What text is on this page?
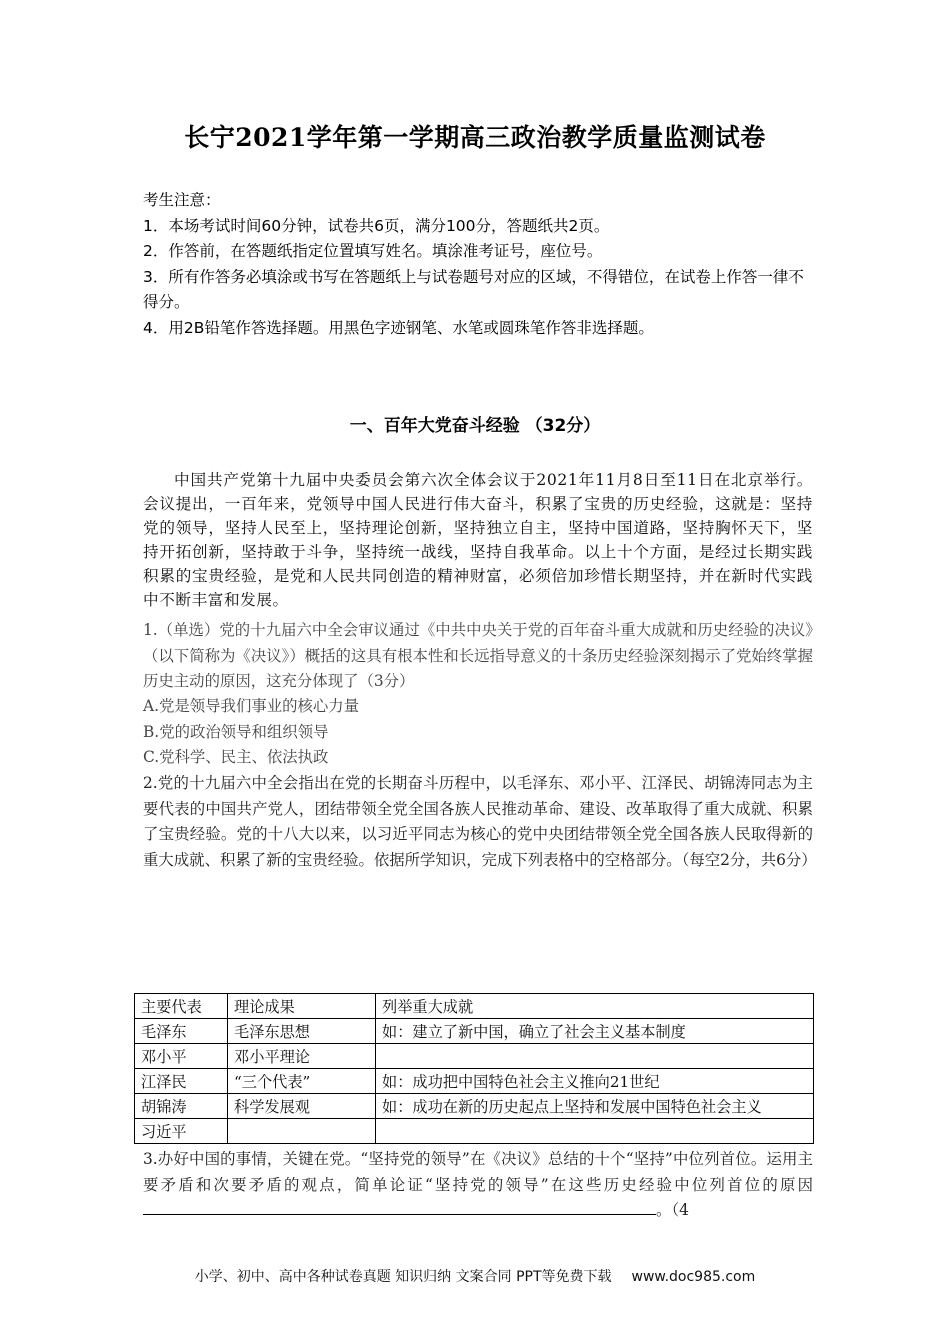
长宁2021学年第一学期高三政治教学质量监测试卷

考生注意：

1．本场考试时间60分钟，试卷共6页，满分100分，答题纸共2页。

2．作答前，在答题纸指定位置填写姓名。填涂准考证号，座位号。

3．所有作答务必填涂或书写在答题纸上与试卷题号对应的区域，不得错位，在试卷上作答一律不得分。

4．用2B铅笔作答选择题。用黑色字迹钢笔、水笔或圆珠笔作答非选择题。

一、百年大党奋斗经验 （32分）

中国共产党第十九届中央委员会第六次全体会议于2021年11月8日至11日在北京举行。会议提出，一百年来，党领导中国人民进行伟大奋斗，积累了宝贵的历史经验，这就是：坚持党的领导，坚持人民至上，坚持理论创新，坚持独立自主，坚持中国道路，坚持胸怀天下，坚持开拓创新，坚持敢于斗争，坚持统一战线，坚持自我革命。以上十个方面，是经过长期实践积累的宝贵经验，是党和人民共同创造的精神财富，必须倍加珍惜长期坚持，并在新时代实践中不断丰富和发展。

1.（单选）党的十九届六中全会审议通过《中共中央关于党的百年奋斗重大成就和历史经验的决议》（以下简称为《决议》）概括的这具有根本性和长远指导意义的十条历史经验深刻揭示了党始终掌握历史主动的原因，这充分体现了（3分）

A.党是领导我们事业的核心力量
B.党的政治领导和组织领导
C.党科学、民主、依法执政

2.党的十九届六中全会指出在党的长期奋斗历程中，以毛泽东、邓小平、江泽民、胡锦涛同志为主要代表的中国共产党人，团结带领全党全国各族人民推动革命、建设、改革取得了重大成就、积累了宝贵经验。党的十八大以来，以习近平同志为核心的党中央团结带领全党全国各族人民取得新的重大成就、积累了新的宝贵经验。依据所学知识，完成下列表格中的空格部分。（每空2分，共6分）

主要代表	理论成果	列举重大成就
毛泽东	毛泽东思想	如：建立了新中国，确立了社会主义基本制度
邓小平	邓小平理论	
江泽民	“三个代表”	如：成功把中国特色社会主义推向21世纪
胡锦涛	科学发展观	如：成功在新的历史起点上坚持和发展中国特色社会主义
习近平		

3.办好中国的事情，关键在党。“坚持党的领导”在《决议》总结的十个“坚持”中位列首位。运用主要矛盾和次要矛盾的观点，简单论证“坚持党的领导”在这些历史经验中位列首位的原因。（4

小学、初中、高中各种试卷真题 知识归纳 文案合同 PPT等免费下载 www.doc985.com
